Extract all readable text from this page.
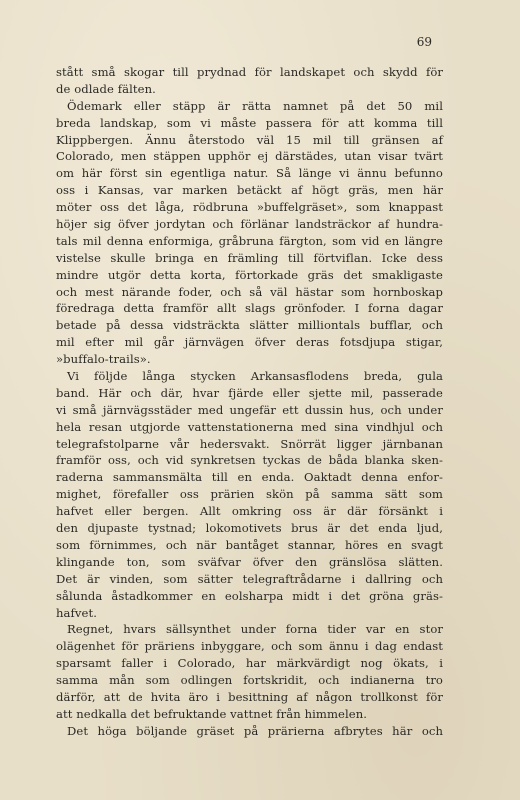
69
stått små skogar till prydnad för landskapet och skydd för
de odlade fälten.
Ödemark eller stäpp är rätta namnet på det 50 mil
breda landskap, som vi måste passera för att komma till
Klippbergen. Ännu återstodo väl 15 mil till gränsen af
Colorado, men stäppen upphör ej därstädes, utan visar tvärt
om här först sin egentliga natur. Så länge vi ännu befunno
oss i Kansas, var marken betäckt af högt gräs, men här
möter oss det låga, rödbruna »buffelgräset», som knappast
höjer sig öfver jordytan och förlänar landsträckor af hundra-
tals mil denna enformiga, gråbruna färgton, som vid en längre
vistelse skulle bringa en främling till förtviflan. Icke dess
mindre utgör detta korta, förtorkade gräs det smakligaste
och mest närande foder, och så väl hästar som hornboskap
föredraga detta framför allt slags grönfoder. I forna dagar
betade på dessa vidsträckta slätter milliontals bufflar, och
mil efter mil går järnvägen öfver deras fotsdjupa stigar,
»buffalo-trails».
Vi följde långa stycken Arkansasflodens breda, gula
band. Här och där, hvar fjärde eller sjette mil, passerade
vi små järnvägsstäder med ungefär ett dussin hus, och under
hela resan utgjorde vattenstationerna med sina vindhjul och
telegrafstolparne vår hedersvakt. Snörrät ligger järnbanan
framför oss, och vid synkretsen tyckas de båda blanka sken-
raderna sammansmälta till en enda. Oaktadt denna enfor-
mighet, förefaller oss prärien skön på samma sätt som
hafvet eller bergen. Allt omkring oss är där försänkt i
den djupaste tystnad; lokomotivets brus är det enda ljud,
som förnimmes, och när bantåget stannar, höres en svagt
klingande ton, som sväfvar öfver den gränslösa slätten.
Det är vinden, som sätter telegraftrådarne i dallring och
sålunda åstadkommer en eolsharpa midt i det gröna gräs-
hafvet.
Regnet, hvars sällsynthet under forna tider var en stor
olägenhet för präriens inbyggare, och som ännu i dag endast
sparsamt faller i Colorado, har märkvärdigt nog ökats, i
samma mån som odlingen fortskridit, och indianerna tro
därför, att de hvita äro i besittning af någon trollkonst för
att nedkalla det befruktande vattnet från himmelen.
Det höga böljande gräset på prärierna afbrytes här och
